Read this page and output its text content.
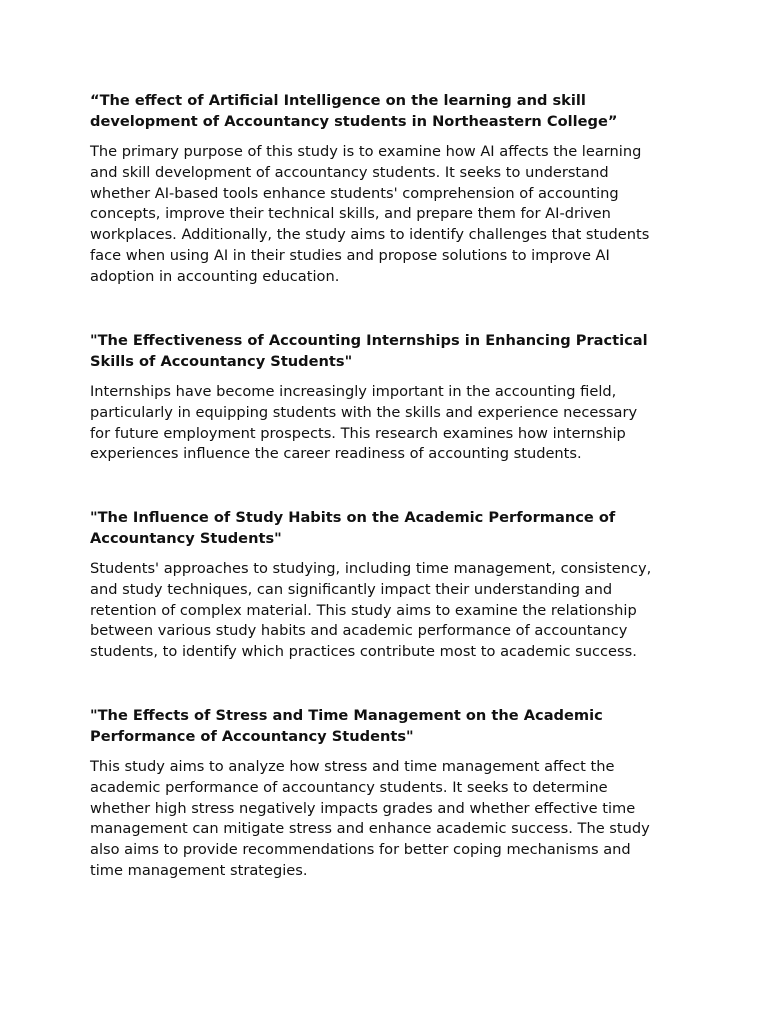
“The effect of Artificial Intelligence on the learning and skill
development of Accountancy students in Northeastern College”

The primary purpose of this study is to examine how AI affects the learning
and skill development of accountancy students. It seeks to understand
whether AI-based tools enhance students' comprehension of accounting
concepts, improve their technical skills, and prepare them for AI-driven
workplaces. Additionally, the study aims to identify challenges that students
face when using AI in their studies and propose solutions to improve AI
adoption in accounting education.

"The Effectiveness of Accounting Internships in Enhancing Practical
Skills of Accountancy Students"

Internships have become increasingly important in the accounting field,
particularly in equipping students with the skills and experience necessary
for future employment prospects. This research examines how internship
experiences influence the career readiness of accounting students.

"The Influence of Study Habits on the Academic Performance of
Accountancy Students"

Students' approaches to studying, including time management, consistency,
and study techniques, can significantly impact their understanding and
retention of complex material. This study aims to examine the relationship
between various study habits and academic performance of accountancy
students, to identify which practices contribute most to academic success.

"The Effects of Stress and Time Management on the Academic
Performance of Accountancy Students"

This study aims to analyze how stress and time management affect the
academic performance of accountancy students. It seeks to determine
whether high stress negatively impacts grades and whether effective time
management can mitigate stress and enhance academic success. The study
also aims to provide recommendations for better coping mechanisms and
time management strategies.
